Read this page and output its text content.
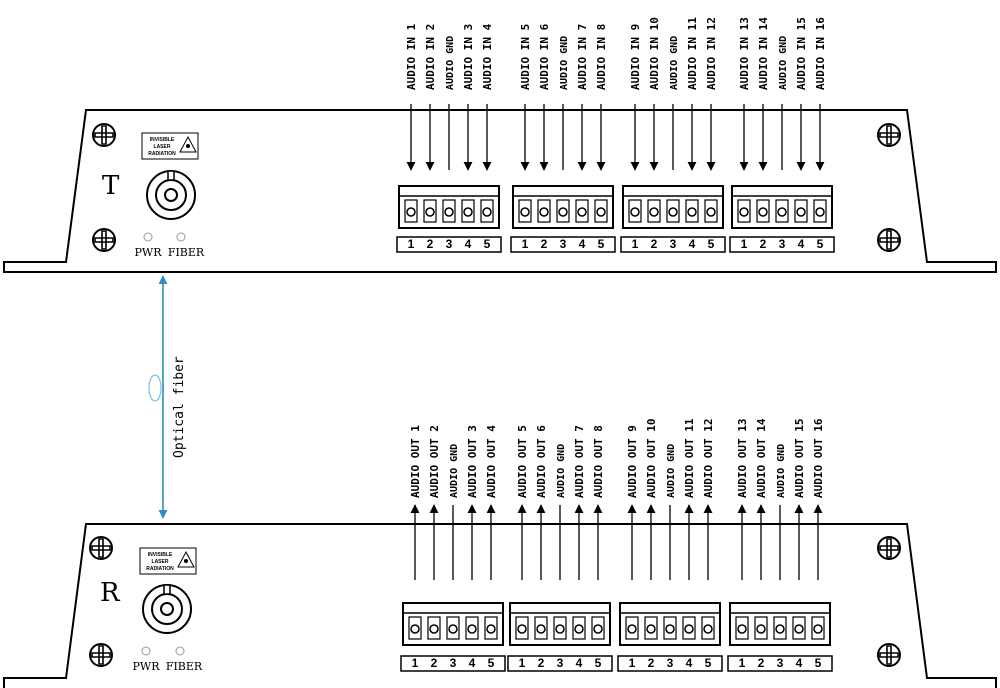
T
INVISIBLE
LASER
RADIATION
PWR FIBER
AUDIO IN 1
1
AUDIO IN 2
2
AUDIO GND
3
AUDIO IN 3
4
AUDIO IN 4
5
AUDIO IN 5
1
AUDIO IN 6
2
AUDIO GND
3
AUDIO IN 7
4
AUDIO IN 8
5
AUDIO IN 9
1
AUDIO IN 10
2
AUDIO GND
3
AUDIO IN 11
4
AUDIO IN 12
5
AUDIO IN 13
1
AUDIO IN 14
2
AUDIO GND
3
AUDIO IN 15
4
AUDIO IN 16
5
R
INVISIBLE
LASER
RADIATION
PWR FIBER
AUDIO OUT 1
1
AUDIO OUT 2
2
AUDIO GND
3
AUDIO OUT 3
4
AUDIO OUT 4
5
AUDIO OUT 5
1
AUDIO OUT 6
2
AUDIO GND
3
AUDIO OUT 7
4
AUDIO OUT 8
5
AUDIO OUT 9
1
AUDIO OUT 10
2
AUDIO GND
3
AUDIO OUT 11
4
AUDIO OUT 12
5
AUDIO OUT 13
1
AUDIO OUT 14
2
AUDIO GND
3
AUDIO OUT 15
4
AUDIO OUT 16
5
Optical fiber
